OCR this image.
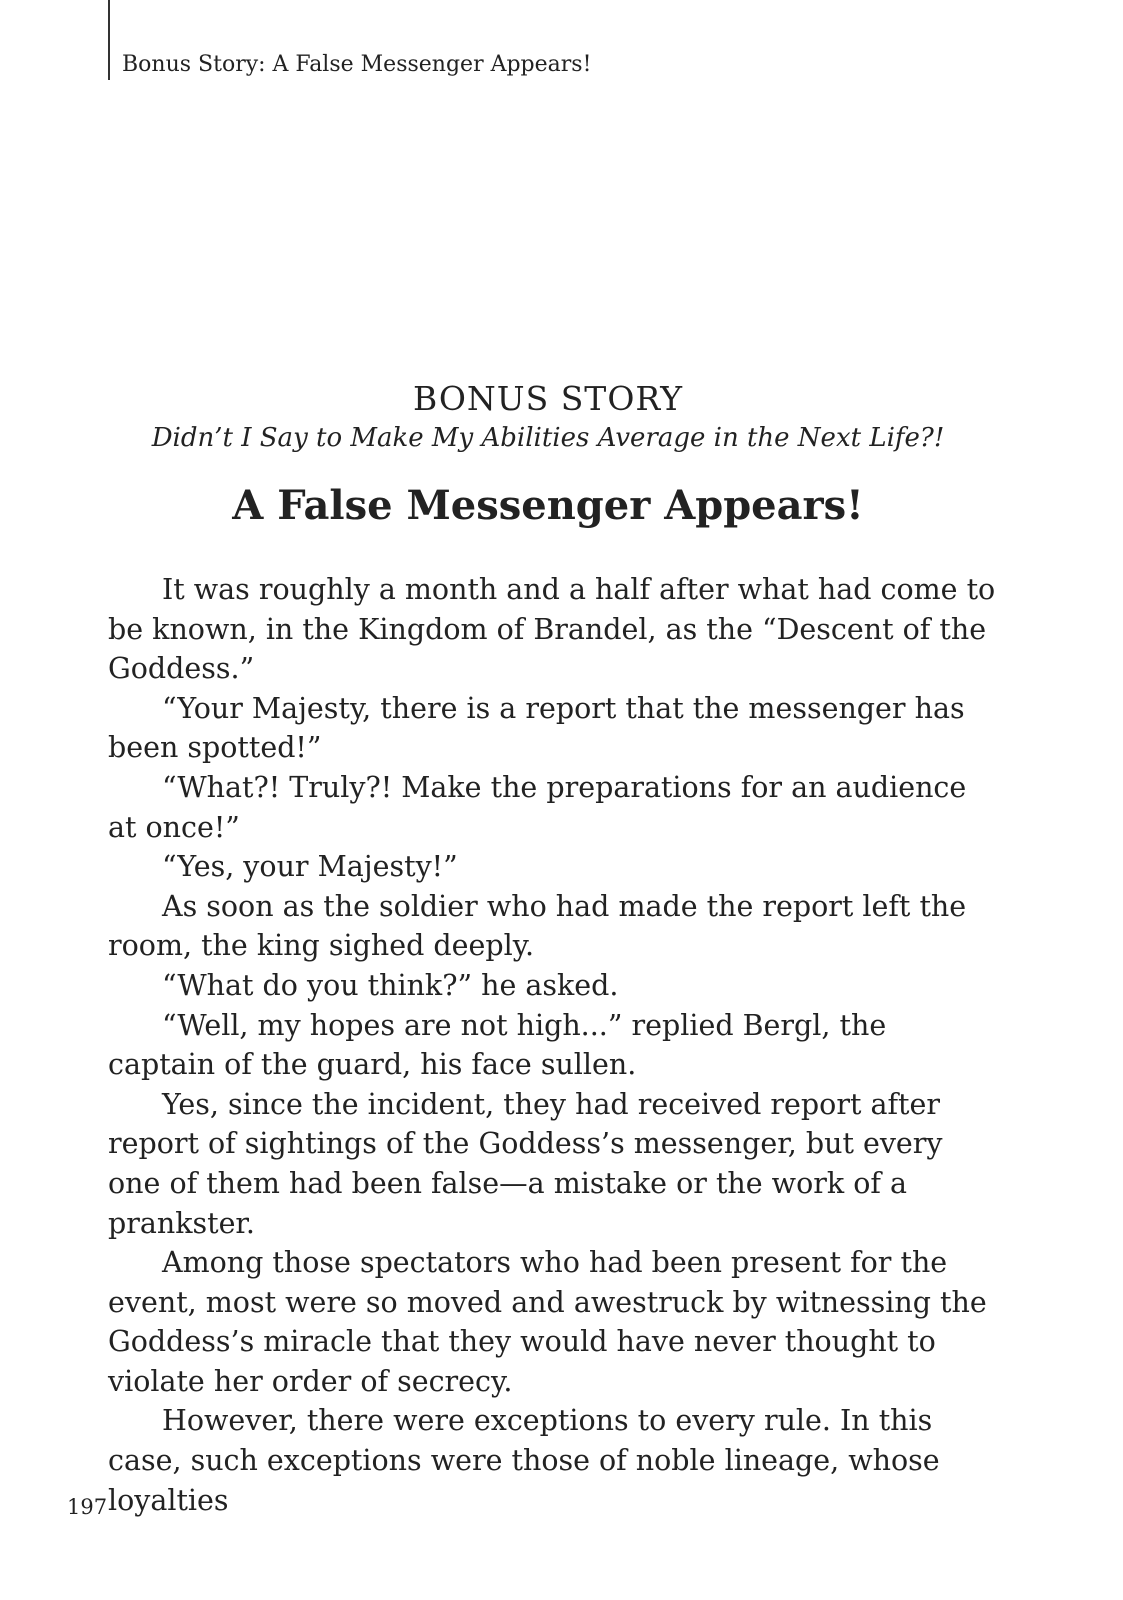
Bonus Story: A False Messenger Appears!
BONUS STORY
Didn’t I Say to Make My Abilities Average in the Next Life?!
A False Messenger Appears!

It was roughly a month and a half after what had come to be known, in the Kingdom of Brandel, as the “Descent of the Goddess.”

“Your Majesty, there is a report that the messenger has been spotted!”

“What?! Truly?! Make the preparations for an audience at once!”

“Yes, your Majesty!”

As soon as the soldier who had made the report left the room, the king sighed deeply.

“What do you think?” he asked.

“Well, my hopes are not high...” replied Bergl, the captain of the guard, his face sullen.

Yes, since the incident, they had received report after report of sightings of the Goddess’s messenger, but every one of them had been false—a mistake or the work of a prankster.

Among those spectators who had been present for the event, most were so moved and awestruck by witnessing the Goddess’s miracle that they would have never thought to violate her order of secrecy.

However, there were exceptions to every rule. In this case, such exceptions were those of noble lineage, whose loyalties

197
